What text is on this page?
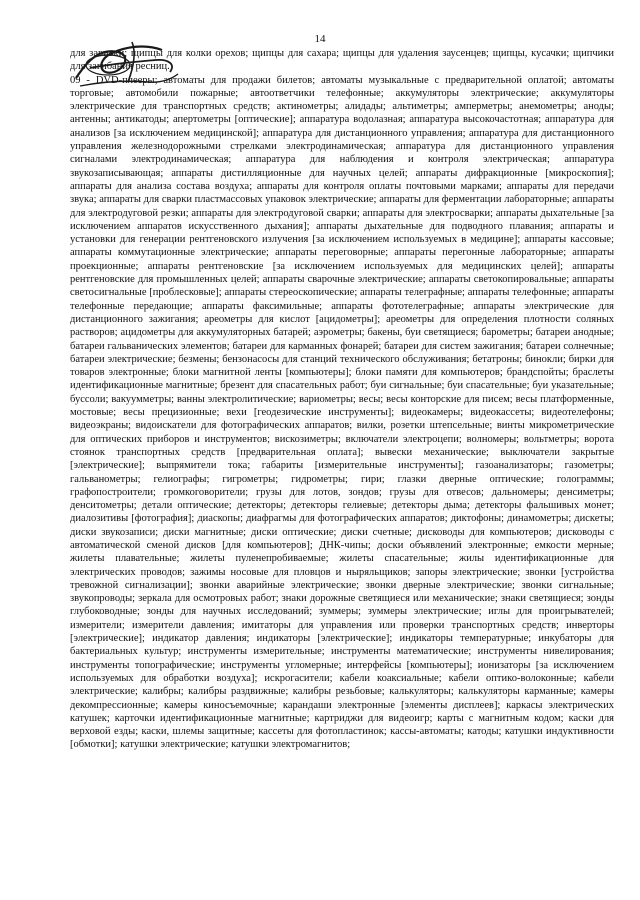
14

для завивки; щипцы для колки орехов; щипцы для сахара; щипцы для удаления заусенцев; щипцы, кусачки; щипчики для загибания ресниц.

09 - DVD-плееры; автоматы для продажи билетов; автоматы музыкальные с предварительной оплатой; автоматы торговые; автомобили пожарные; автоответчики телефонные; аккумуляторы электрические; аккумуляторы электрические для транспортных средств; актинометры; алидады; альтиметры; амперметры; анемометры; аноды; антенны; антикатоды; апертометры [оптические]; аппаратура водолазная; аппаратура высокочастотная; аппаратура для анализов [за исключением медицинской]; аппаратура для дистанционного управления; аппаратура для дистанционного управления железнодорожными стрелками электродинамическая; аппаратура для дистанционного управления сигналами электродинамическая; аппаратура для наблюдения и контроля электрическая; аппаратура звукозаписывающая; аппараты дистилляционные для научных целей; аппараты дифракционные [микроскопия]; аппараты для анализа состава воздуха; аппараты для контроля оплаты почтовыми марками; аппараты для передачи звука; аппараты для сварки пластмассовых упаковок электрические; аппараты для ферментации лабораторные; аппараты для электродуговой резки; аппараты для электродуговой сварки; аппараты для электросварки; аппараты дыхательные [за исключением аппаратов искусственного дыхания]; аппараты дыхательные для подводного плавания; аппараты и установки для генерации рентгеновского излучения [за исключением используемых в медицине]; аппараты кассовые; аппараты коммутационные электрические; аппараты переговорные; аппараты перегонные лабораторные; аппараты проекционные; аппараты рентгеновские [за исключением используемых для медицинских целей]; аппараты рентгеновские для промышленных целей; аппараты сварочные электрические; аппараты светокопировальные; аппараты светосигнальные [проблесковые]; аппараты стереоскопические; аппараты телеграфные; аппараты телефонные; аппараты телефонные передающие; аппараты факсимильные; аппараты фототелеграфные; аппараты электрические для дистанционного зажигания; ареометры для кислот [ацидометры]; ареометры для определения плотности соляных растворов; ацидометры для аккумуляторных батарей; аэрометры; бакены, буи светящиеся; барометры; батареи анодные; батареи гальванических элементов; батареи для карманных фонарей; батареи для систем зажигания; батареи солнечные; батареи электрические; безмены; бензонасосы для станций технического обслуживания; бетатроны; бинокли; бирки для товаров электронные; блоки магнитной ленты [компьютеры]; блоки памяти для компьютеров; брандспойты; браслеты идентификационные магнитные; брезент для спасательных работ; буи сигнальные; буи спасательные; буи указательные; буссоли; вакуумметры; ванны электролитические; вариометры; весы; весы конторские для писем; весы платформенные, мостовые; весы прецизионные; вехи [геодезические инструменты]; видеокамеры; видеокассеты; видеотелефоны; видеоэкраны; видоискатели для фотографических аппаратов; вилки, розетки штепсельные; винты микрометрические для оптических приборов и инструментов; вискозиметры; включатели электроцепи; волномеры; вольтметры; ворота стоянок транспортных средств [предварительная оплата]; вывески механические; выключатели закрытые [электрические]; выпрямители тока; габариты [измерительные инструменты]; газоанализаторы; газометры; гальванометры; гелиографы; гигрометры; гидрометры; гири; глазки дверные оптические; голограммы; графопостроители; громкоговорители; грузы для лотов, зондов; грузы для отвесов; дальномеры; денсиметры; денситометры; детали оптические; детекторы; детекторы гелиевые; детекторы дыма; детекторы фальшивых монет; диалозитивы [фотография]; диаскопы; диафрагмы для фотографических аппаратов; диктофоны; динамометры; дискеты; диски звукозаписи; диски магнитные; диски оптические; диски счетные; дисководы для компьютеров; дисководы с автоматической сменой дисков [для компьютеров]; ДНК-чипы; доски объявлений электронные; емкости мерные; жилеты плавательные; жилеты пуленепробиваемые; жилеты спасательные; жилы идентификационные для электрических проводов; зажимы носовые для пловцов и ныряльщиков; запоры электрические; звонки [устройства тревожной сигнализации]; звонки аварийные электрические; звонки дверные электрические; звонки сигнальные; звукопроводы; зеркала для осмотровых работ; знаки дорожные светящиеся или механические; знаки светящиеся; зонды глубоководные; зонды для научных исследований; зуммеры; зуммеры электрические; иглы для проигрывателей; измерители; измерители давления; имитаторы для управления или проверки транспортных средств; инверторы [электрические]; индикатор давления; индикаторы [электрические]; индикаторы температурные; инкубаторы для бактериальных культур; инструменты измерительные; инструменты математические; инструменты нивелирования; инструменты топографические; инструменты угломерные; интерфейсы [компьютеры]; ионизаторы [за исключением используемых для обработки воздуха]; искрогасители; кабели коаксиальные; кабели оптико-волоконные; кабели электрические; калибры; калибры раздвижные; калибры резьбовые; калькуляторы; калькуляторы карманные; камеры декомпрессионные; камеры киносъемочные; карандаши электронные [элементы дисплеев]; каркасы электрических катушек; карточки идентификационные магнитные; картриджи для видеоигр; карты с магнитным кодом; каски для верховой езды; каски, шлемы защитные; кассеты для фотопластинок; кассы-автоматы; катоды; катушки индуктивности [обмотки]; катушки электрические; катушки электромагнитов;
